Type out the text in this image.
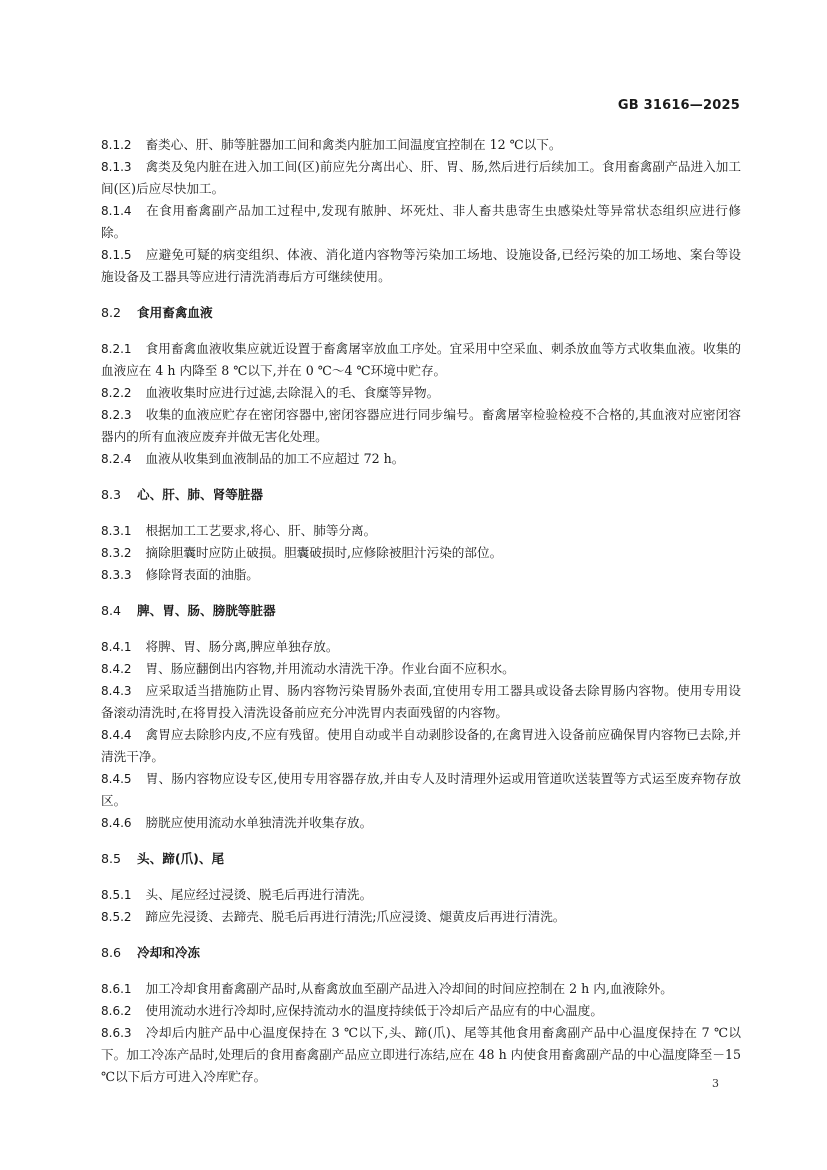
GB 31616—2025

8.1.2 畜类心、肝、肺等脏器加工间和禽类内脏加工间温度宜控制在 12 ℃以下。

8.1.3 禽类及兔内脏在进入加工间(区)前应先分离出心、肝、胃、肠,然后进行后续加工。食用畜禽副产品进入加工间(区)后应尽快加工。

8.1.4 在食用畜禽副产品加工过程中,发现有脓肿、坏死灶、非人畜共患寄生虫感染灶等异常状态组织应进行修除。

8.1.5 应避免可疑的病变组织、体液、消化道内容物等污染加工场地、设施设备,已经污染的加工场地、案台等设施设备及工器具等应进行清洗消毒后方可继续使用。

8.2 食用畜禽血液

8.2.1 食用畜禽血液收集应就近设置于畜禽屠宰放血工序处。宜采用中空采血、刺杀放血等方式收集血液。收集的血液应在 4 h 内降至 8 ℃以下,并在 0 ℃～4 ℃环境中贮存。

8.2.2 血液收集时应进行过滤,去除混入的毛、食糜等异物。

8.2.3 收集的血液应贮存在密闭容器中,密闭容器应进行同步编号。畜禽屠宰检验检疫不合格的,其血液对应密闭容器内的所有血液应废弃并做无害化处理。

8.2.4 血液从收集到血液制品的加工不应超过 72 h。

8.3 心、肝、肺、肾等脏器

8.3.1 根据加工工艺要求,将心、肝、肺等分离。

8.3.2 摘除胆囊时应防止破损。胆囊破损时,应修除被胆汁污染的部位。

8.3.3 修除肾表面的油脂。

8.4 脾、胃、肠、膀胱等脏器

8.4.1 将脾、胃、肠分离,脾应单独存放。

8.4.2 胃、肠应翻倒出内容物,并用流动水清洗干净。作业台面不应积水。

8.4.3 应采取适当措施防止胃、肠内容物污染胃肠外表面,宜使用专用工器具或设备去除胃肠内容物。使用专用设备滚动清洗时,在将胃投入清洗设备前应充分冲洗胃内表面残留的内容物。

8.4.4 禽胃应去除胗内皮,不应有残留。使用自动或半自动剥胗设备的,在禽胃进入设备前应确保胃内容物已去除,并清洗干净。

8.4.5 胃、肠内容物应设专区,使用专用容器存放,并由专人及时清理外运或用管道吹送装置等方式运至废弃物存放区。

8.4.6 膀胱应使用流动水单独清洗并收集存放。

8.5 头、蹄(爪)、尾

8.5.1 头、尾应经过浸烫、脱毛后再进行清洗。

8.5.2 蹄应先浸烫、去蹄壳、脱毛后再进行清洗;爪应浸烫、煺黄皮后再进行清洗。

8.6 冷却和冷冻

8.6.1 加工冷却食用畜禽副产品时,从畜禽放血至副产品进入冷却间的时间应控制在 2 h 内,血液除外。

8.6.2 使用流动水进行冷却时,应保持流动水的温度持续低于冷却后产品应有的中心温度。

8.6.3 冷却后内脏产品中心温度保持在 3 ℃以下,头、蹄(爪)、尾等其他食用畜禽副产品中心温度保持在 7 ℃以下。加工冷冻产品时,处理后的食用畜禽副产品应立即进行冻结,应在 48 h 内使食用畜禽副产品的中心温度降至－15 ℃以下后方可进入冷库贮存。	3
